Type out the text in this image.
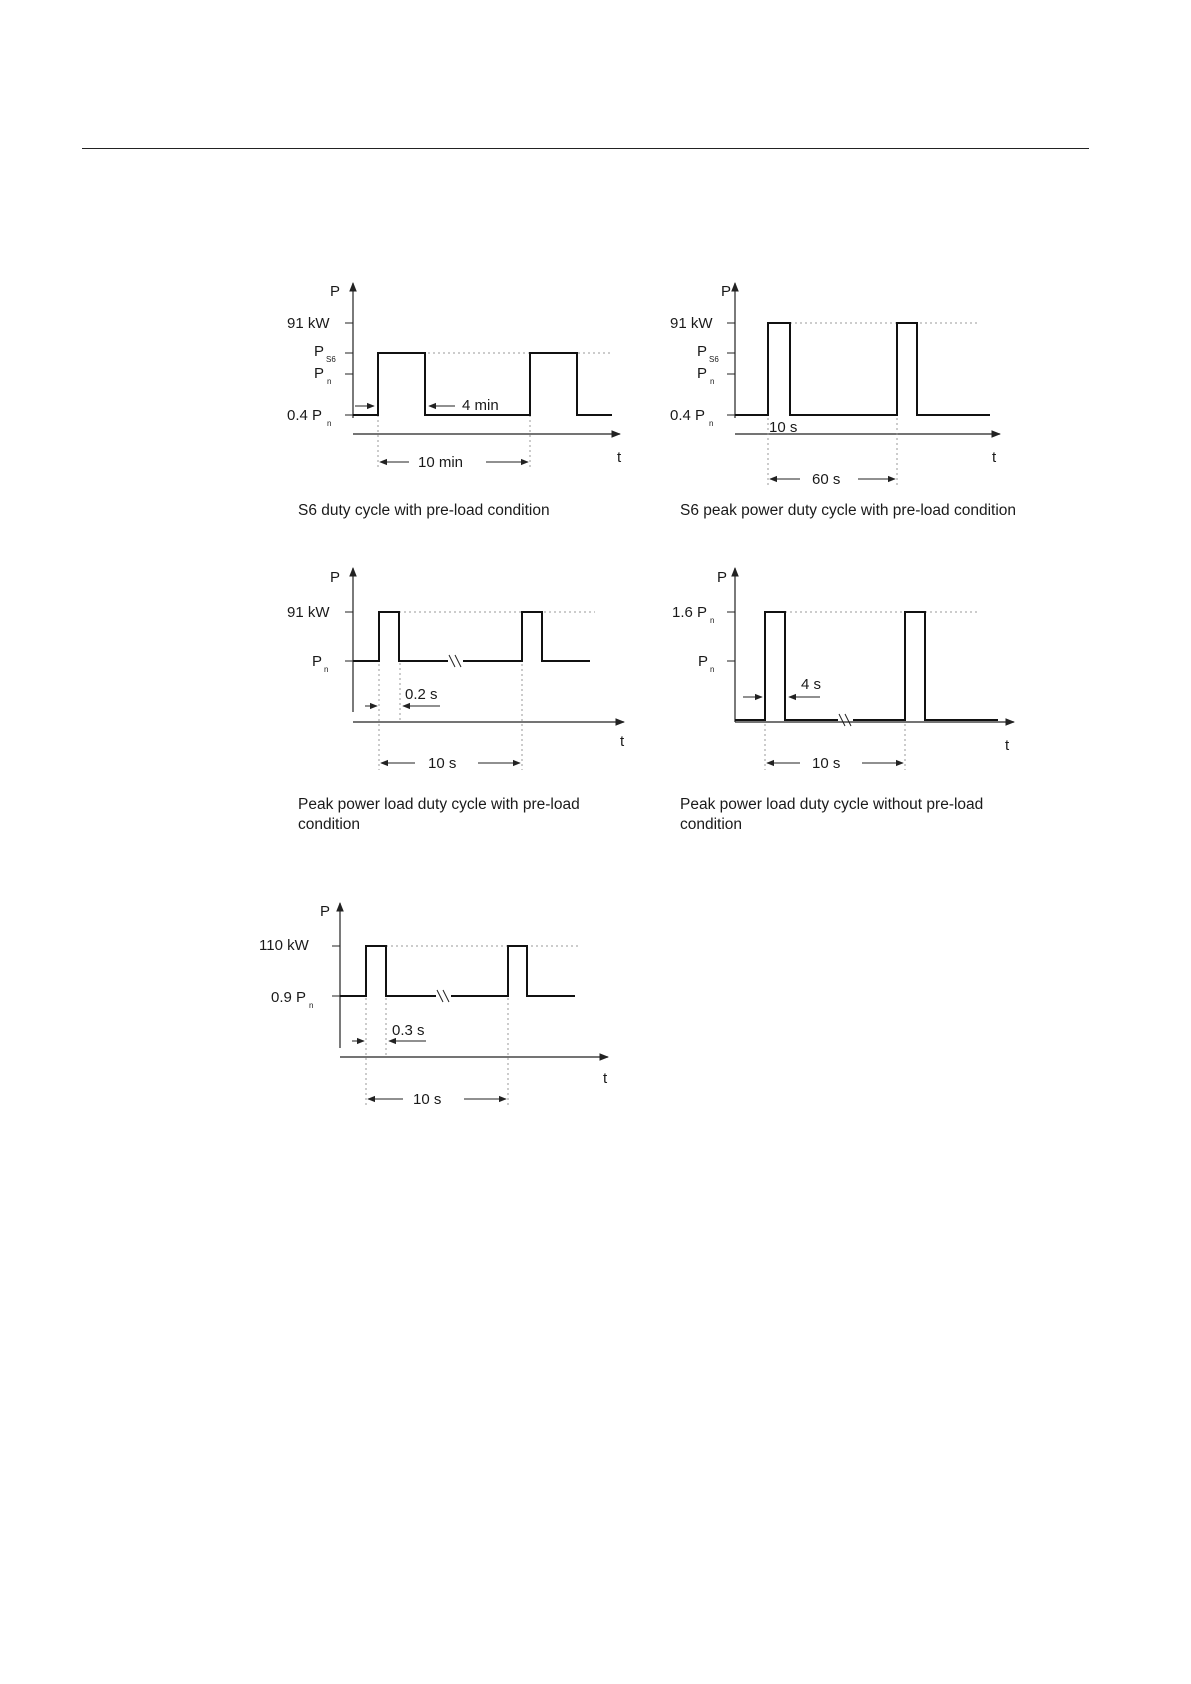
P
t
91 kW
P S6
P n
0.4 P n
4 min
10 min
S6 duty cycle with pre-load condition
P
t
91 kW
P S6
P n
0.4 P n	10 s
60 s
S6 peak power duty cycle with pre-load condition
P
t
91 kW
P n
0.2 s
10 s
Peak power load duty cycle with pre-load
condition
P
t
1.6 P n
P n
4 s
10 s
Peak power load duty cycle without pre-load
condition
P
t
110 kW
0.9 P n
0.3 s
10 s
